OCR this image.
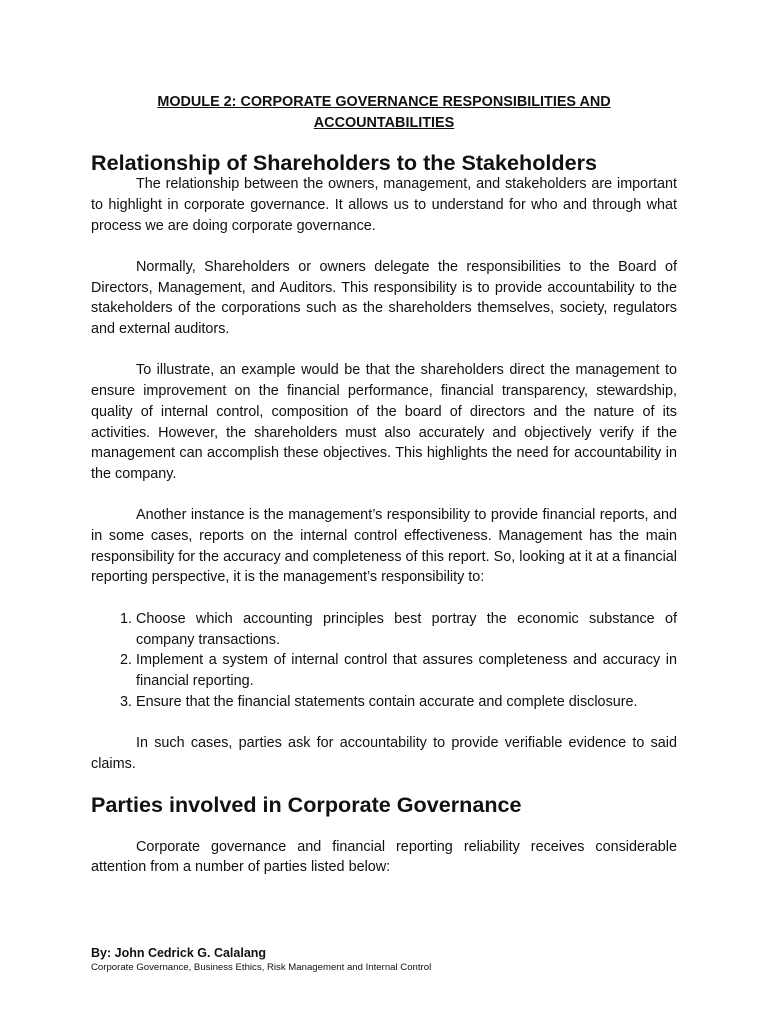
MODULE 2: CORPORATE GOVERNANCE RESPONSIBILITIES AND
ACCOUNTABILITIES
Relationship of Shareholders to the Stakeholders

The relationship between the owners, management, and stakeholders are important to highlight in corporate governance. It allows us to understand for who and through what process we are doing corporate governance.

Normally, Shareholders or owners delegate the responsibilities to the Board of Directors, Management, and Auditors. This responsibility is to provide accountability to the stakeholders of the corporations such as the shareholders themselves, society, regulators and external auditors.

To illustrate, an example would be that the shareholders direct the management to ensure improvement on the financial performance, financial transparency, stewardship, quality of internal control, composition of the board of directors and the nature of its activities. However, the shareholders must also accurately and objectively verify if the management can accomplish these objectives. This highlights the need for accountability in the company.

Another instance is the management’s responsibility to provide financial reports, and in some cases, reports on the internal control effectiveness. Management has the main responsibility for the accuracy and completeness of this report. So, looking at it at a financial reporting perspective, it is the management’s responsibility to:

1. Choose which accounting principles best portray the economic substance of company transactions.
2. Implement a system of internal control that assures completeness and accuracy in financial reporting.
3. Ensure that the financial statements contain accurate and complete disclosure.

In such cases, parties ask for accountability to provide verifiable evidence to said claims.

Parties involved in Corporate Governance

Corporate governance and financial reporting reliability receives considerable attention from a number of parties listed below:

By: John Cedrick G. Calalang

Corporate Governance, Business Ethics, Risk Management and Internal Control
